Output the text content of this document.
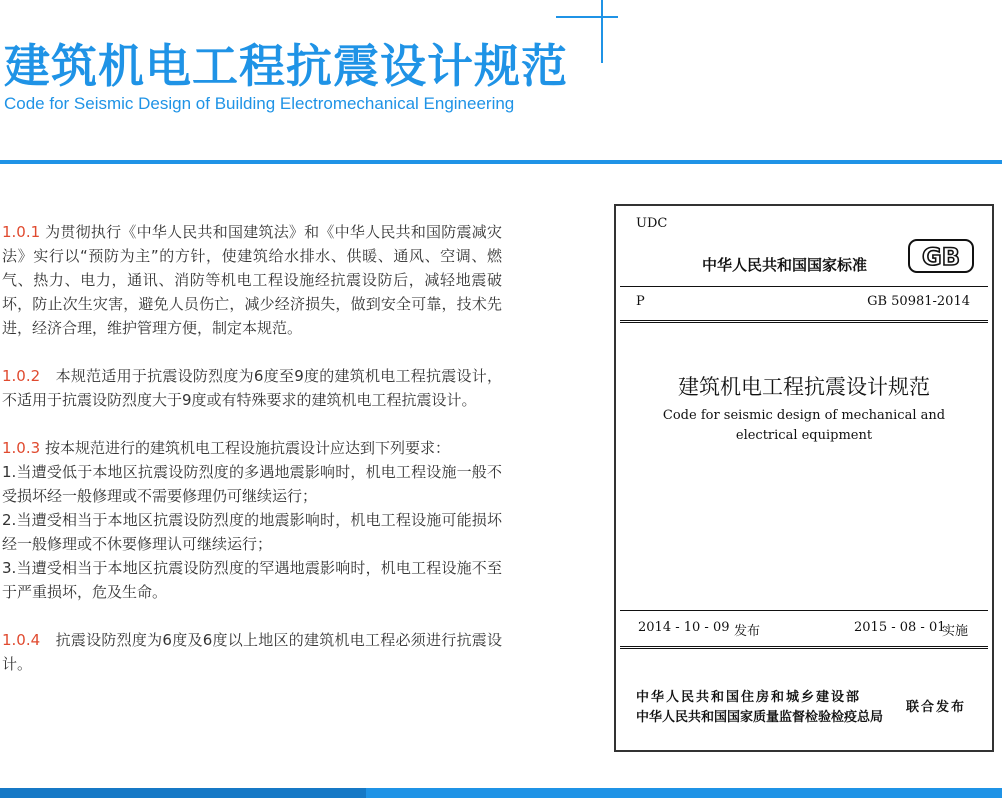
建筑机电工程抗震设计规范

Code for Seismic Design of Building Electromechanical Engineering

1.0.1 为贯彻执行《中华人民共和国建筑法》和《中华人民共和国防震减灾法》实行以“预防为主”的方针，使建筑给水排水、供暖、通风、空调、燃气、热力、电力，通讯、消防等机电工程设施经抗震设防后，减轻地震破坏，防止次生灾害，避免人员伤亡，减少经济损失，做到安全可靠，技术先进，经济合理，维护管理方便，制定本规范。

1.0.2　本规范适用于抗震设防烈度为6度至9度的建筑机电工程抗震设计，不适用于抗震设防烈度大于9度或有特殊要求的建筑机电工程抗震设计。

1.0.3 按本规范进行的建筑机电工程设施抗震设计应达到下列要求：
1.当遭受低于本地区抗震设防烈度的多遇地震影响时，机电工程设施一般不受损坏经一般修理或不需要修理仍可继续运行；
2.当遭受相当于本地区抗震设防烈度的地震影响时，机电工程设施可能损坏经一般修理或不休要修理认可继续运行；
3.当遭受相当于本地区抗震设防烈度的罕遇地震影响时，机电工程设施不至于严重损坏，危及生命。

1.0.4　抗震设防烈度为6度及6度以上地区的建筑机电工程必须进行抗震设计。

UDC
中华人民共和国国家标准 GB
P	GB 50981-2014
建筑机电工程抗震设计规范
Code for seismic design of mechanical and
electrical equipment
2014 - 10 - 09 发布	2015 - 08 - 01
实施
中华人民共和国住房和城乡建设部
中华人民共和国国家质量监督检验检疫总局
联合发布
